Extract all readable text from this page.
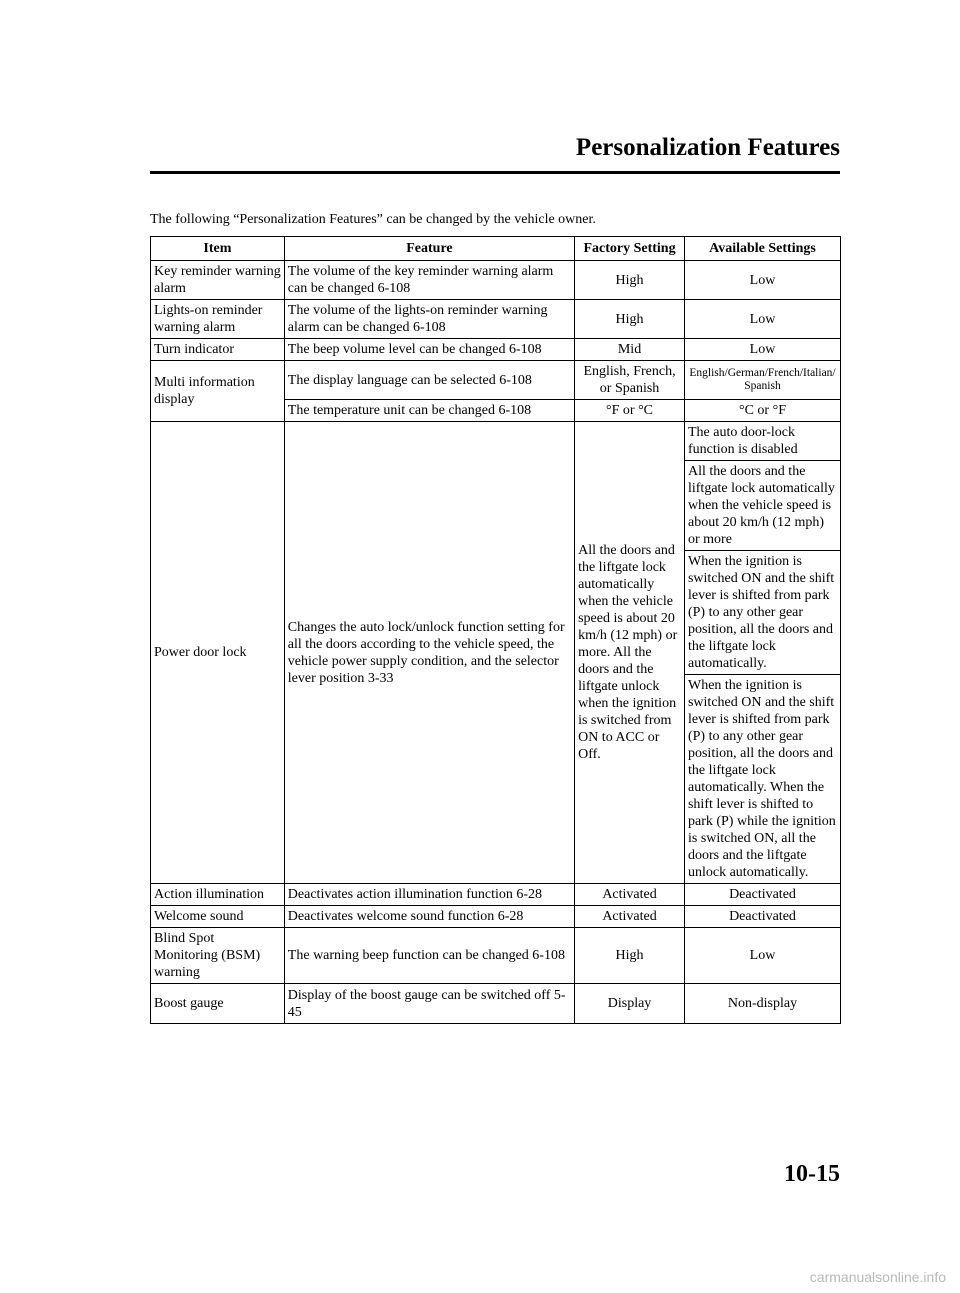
Personalization Features
The following “Personalization Features” can be changed by the vehicle owner.
Item	Feature	Factory Setting	Available Settings
Key reminder warning alarm	The volume of the key reminder warning alarm can be changed 6-108	High	Low
Lights-on reminder warning alarm	The volume of the lights-on reminder warning alarm can be changed 6-108	High	Low
Turn indicator	The beep volume level can be changed 6-108	Mid	Low
Multi information display	The display language can be selected 6-108	English, French, or Spanish	English/German/French/Italian/ Spanish
	The temperature unit can be changed 6-108	°F or °C	°C or °F
Power door lock	Changes the auto lock/unlock function setting for all the doors according to the vehicle speed, the vehicle power supply condition, and the selector lever position 3-33	All the doors and the liftgate lock automatically when the vehicle speed is about 20 km/h (12 mph) or more. All the doors and the liftgate unlock when the ignition is switched from ON to ACC or Off.	The auto door-lock function is disabled
			All the doors and the liftgate lock automatically when the vehicle speed is about 20 km/h (12 mph) or more
			When the ignition is switched ON and the shift lever is shifted from park (P) to any other gear position, all the doors and the liftgate lock automatically.
			When the ignition is switched ON and the shift lever is shifted from park (P) to any other gear position, all the doors and the liftgate lock automatically. When the shift lever is shifted to park (P) while the ignition is switched ON, all the doors and the liftgate unlock automatically.
Action illumination	Deactivates action illumination function 6-28	Activated	Deactivated
Welcome sound	Deactivates welcome sound function 6-28	Activated	Deactivated
Blind Spot Monitoring (BSM) warning	The warning beep function can be changed 6-108	High	Low
Boost gauge	Display of the boost gauge can be switched off 5-45	Display	Non-display
10-15
carmanualsonline.info
